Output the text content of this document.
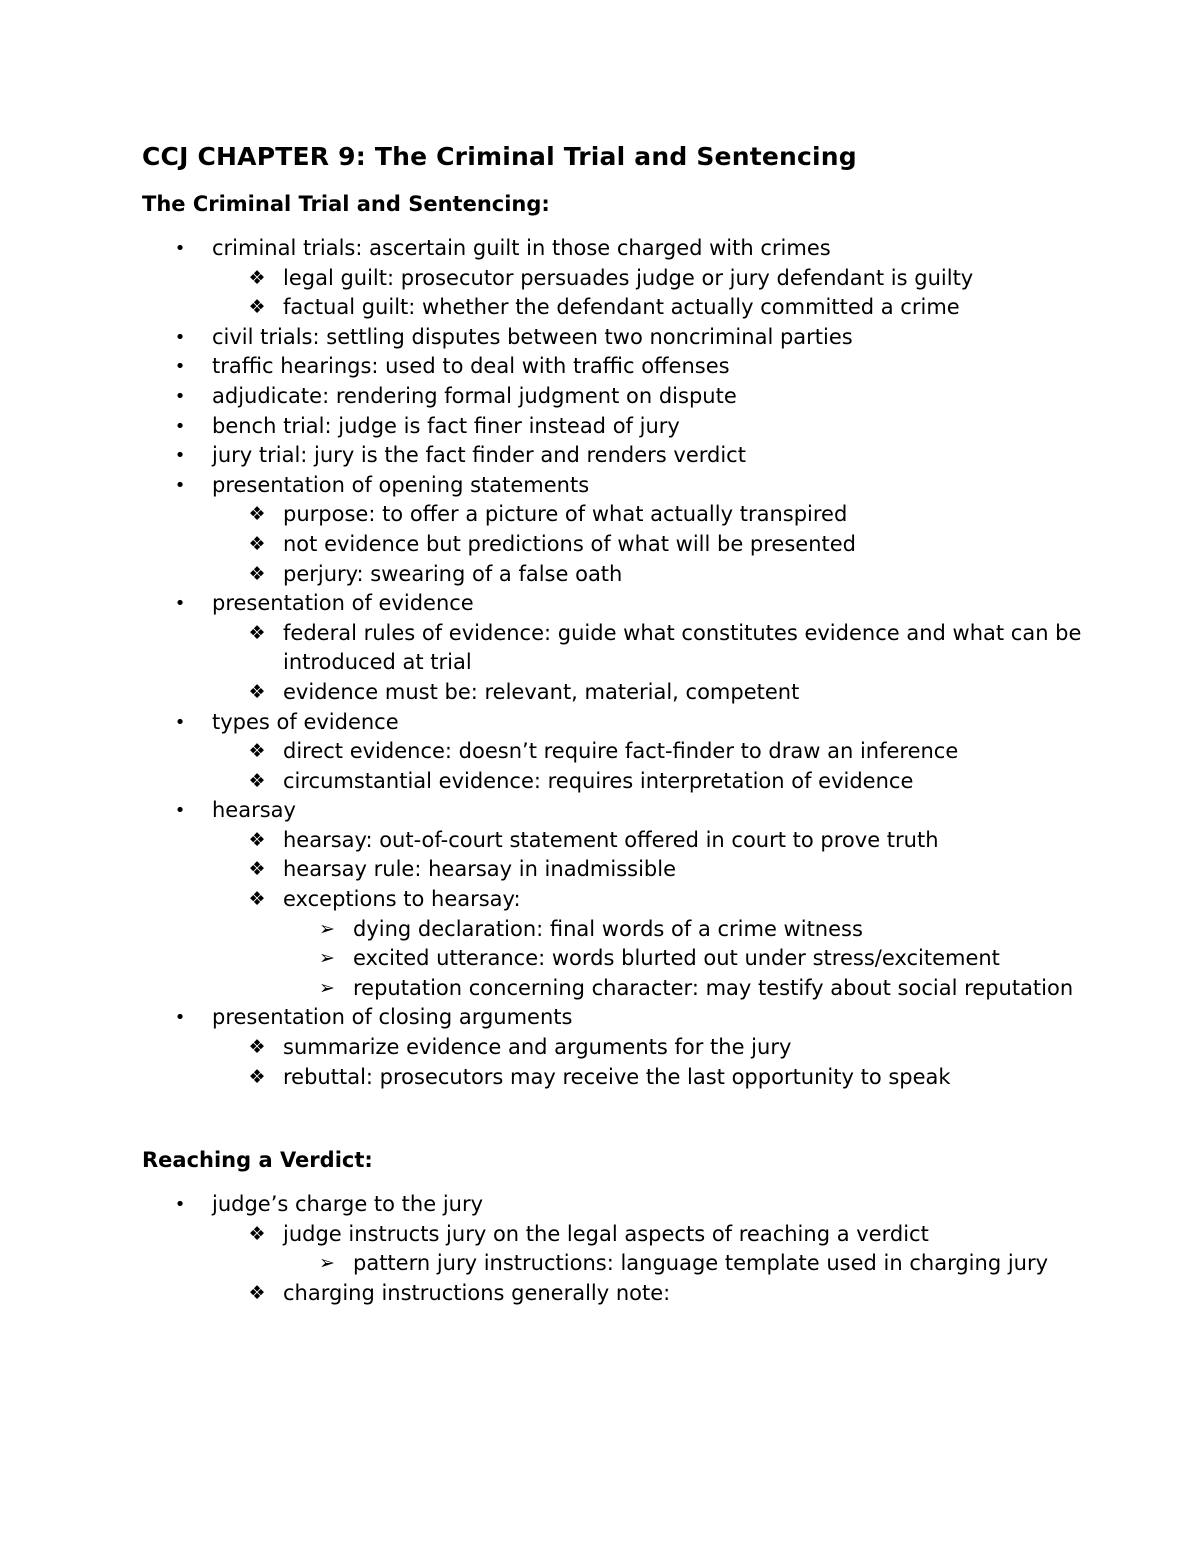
CCJ CHAPTER 9: The Criminal Trial and Sentencing
The Criminal Trial and Sentencing:
•	criminal trials: ascertain guilt in those charged with crimes
❖ legal guilt: prosecutor persuades judge or jury defendant is guilty
❖ factual guilt: whether the defendant actually committed a crime
•	civil trials: settling disputes between two noncriminal parties
•	traffic hearings: used to deal with traffic offenses
•	adjudicate: rendering formal judgment on dispute
•	bench trial: judge is fact finer instead of jury
•	jury trial: jury is the fact finder and renders verdict
•	presentation of opening statements
❖ purpose: to offer a picture of what actually transpired
❖ not evidence but predictions of what will be presented
❖ perjury: swearing of a false oath
•	presentation of evidence
❖ federal rules of evidence: guide what constitutes evidence and what can be introduced at trial
❖ evidence must be: relevant, material, competent
•	types of evidence
❖ direct evidence: doesn’t require fact-finder to draw an inference
❖ circumstantial evidence: requires interpretation of evidence
•	hearsay
❖ hearsay: out-of-court statement offered in court to prove truth
❖ hearsay rule: hearsay in inadmissible
❖ exceptions to hearsay:
➢ dying declaration: final words of a crime witness
➢ excited utterance: words blurted out under stress/excitement
➢ reputation concerning character: may testify about social reputation
•	presentation of closing arguments
❖ summarize evidence and arguments for the jury
❖ rebuttal: prosecutors may receive the last opportunity to speak
Reaching a Verdict:
•	judge’s charge to the jury
❖ judge instructs jury on the legal aspects of reaching a verdict
➢ pattern jury instructions: language template used in charging jury
❖ charging instructions generally note:
